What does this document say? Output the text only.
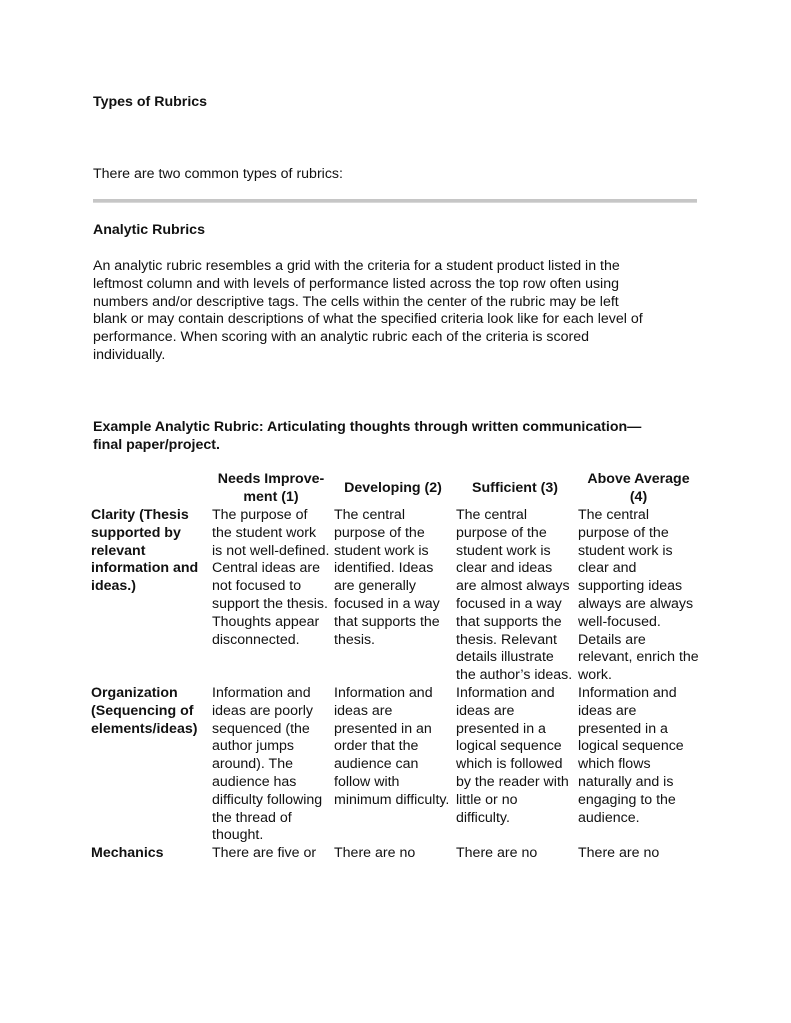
Types of Rubrics
There are two common types of rubrics:
Analytic Rubrics
An analytic rubric resembles a grid with the criteria for a student product listed in the
leftmost column and with levels of performance listed across the top row often using
numbers and/or descriptive tags. The cells within the center of the rubric may be left
blank or may contain descriptions of what the specified criteria look like for each level of
performance. When scoring with an analytic rubric each of the criteria is scored
individually.
Example Analytic Rubric: Articulating thoughts through written communication—
final paper/project.
	Needs Improve-ment (1)	Developing (2)	Sufficient (3)	Above Average (4)
Clarity (Thesis supported by relevant information and ideas.)	The purpose of the student work is not well-defined. Central ideas are not focused to support the thesis. Thoughts appear disconnected.	The central purpose of the student work is identified. Ideas are generally focused in a way that supports the thesis.	The central purpose of the student work is clear and ideas are almost always focused in a way that supports the thesis. Relevant details illustrate the author’s ideas.	The central purpose of the student work is clear and supporting ideas always are always well-focused. Details are relevant, enrich the work.
Organization (Sequencing of elements/ideas)	Information and ideas are poorly sequenced (the author jumps around). The audience has difficulty following the thread of thought.	Information and ideas are presented in an order that the audience can follow with minimum difficulty.	Information and ideas are presented in a logical sequence which is followed by the reader with little or no difficulty.	Information and ideas are presented in a logical sequence which flows naturally and is engaging to the audience.
Mechanics	There are five or	There are no	There are no	There are no
